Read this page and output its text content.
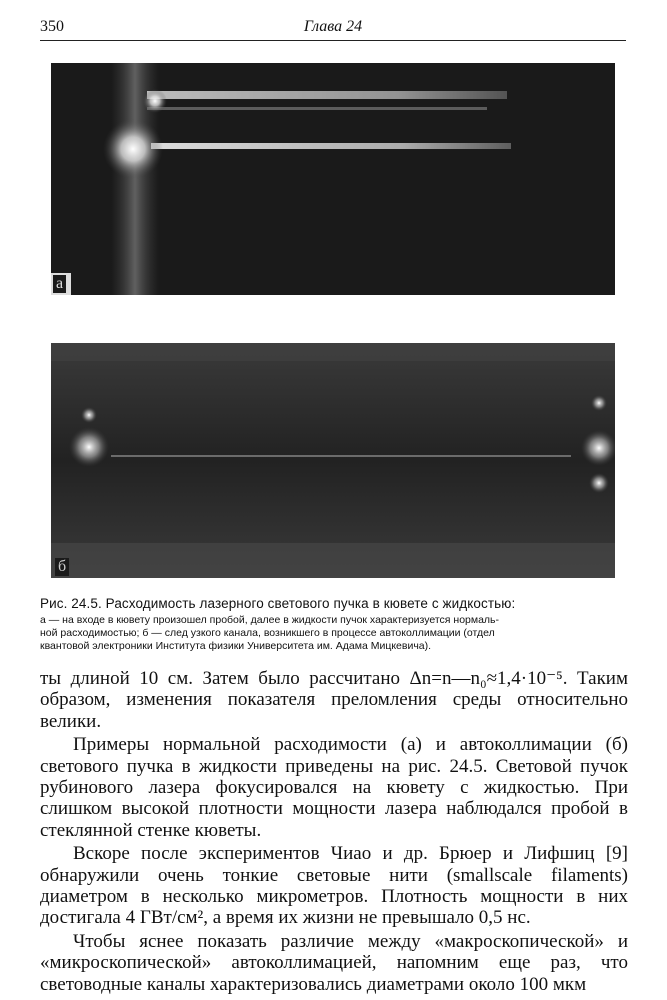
350	Глава 24
а
б

Рис. 24.5. Расходимость лазерного светового пучка в кювете с жидкостью:

а — на входе в кювету произошел пробой, далее в жидкости пучок характеризуется нормаль-
ной расходимостью; б — след узкого канала, возникшего в процессе автоколлимации (отдел
квантовой электроники Института физики Университета им. Адама Мицкевича).

ты длиной 10 см. Затем было рассчитано Δn=n—n₀≈1,4·10⁻⁵. Таким образом, изменения показателя преломления среды относительно велики.

Примеры нормальной расходимости (а) и автоколлимации (б) светового пучка в жидкости приведены на рис. 24.5. Световой пучок рубинового лазера фокусировался на кювету с жидкостью. При слишком высокой плотности мощности лазера наблюдался пробой в стеклянной стенке кюветы.

Вскоре после экспериментов Чиао и др. Брюер и Лифшиц [9] обнаружили очень тонкие световые нити (smallscale filaments) диаметром в несколько микрометров. Плотность мощности в них достигала 4 ГВт/см², а время их жизни не превышало 0,5 нс.

Чтобы яснее показать различие между «макроскопической» и «микроскопической» автоколлимацией, напомним еще раз, что световодные каналы характеризовались диаметрами около 100 мкм
